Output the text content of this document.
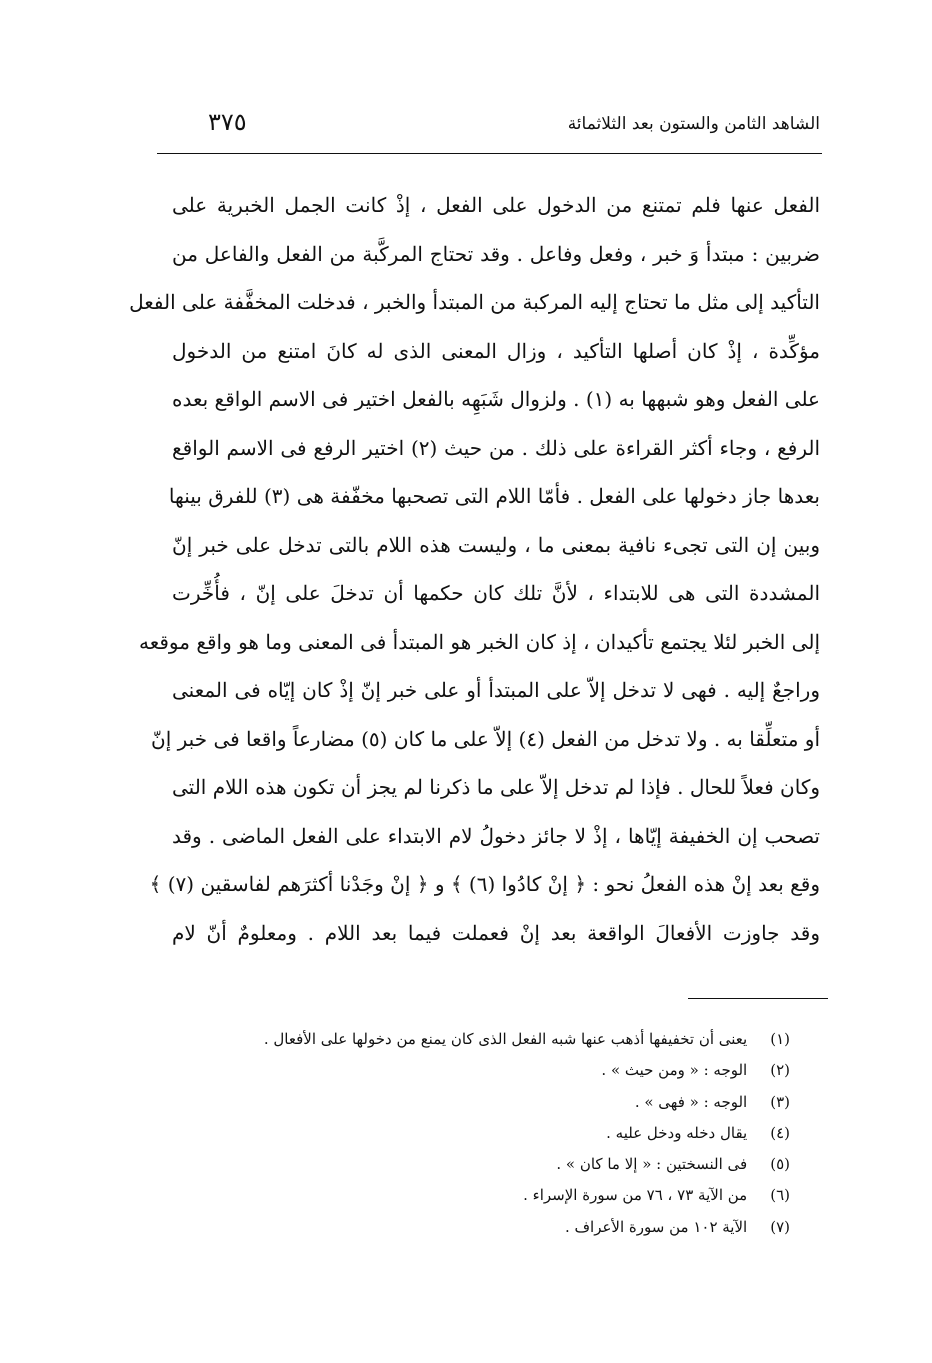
الشاهد الثامن والستون بعد الثلاثمائة
٣٧٥
الفعل عنها فلم تمتنع من الدخول على الفعل ، إذْ كانت الجمل الخبرية على
ضربين : مبتدأ وَ خبر ، وفعل وفاعل . وقد تحتاج المركَّبة من الفعل والفاعل من
التأكيد إلى مثل ما تحتاج إليه المركبة من المبتدأ والخبر ، فدخلت المخفَّفة على الفعل
مؤكِّدة ، إذْ كان أصلها التأكيد ، وزال المعنى الذى له كانَ امتنع من الدخول
على الفعل وهو شبهها به (١) . ولزوال شَبَهِه بالفعل اختير فى الاسم الواقع بعده
الرفع ، وجاء أكثر القراءة على ذلك . من حيث (٢) اختير الرفع فى الاسم الواقع
بعدها جاز دخولها على الفعل . فأمّا اللام التى تصحبها مخفّفة هى (٣) للفرق بينها
وبين إن التى تجىء نافية بمعنى ما ، وليست هذه اللام بالتى تدخل على خبر إنّ
المشددة التى هى للابتداء ، لأنَّ تلك كان حكمها أن تدخلَ على إنّ ، فأُخِّرت
إلى الخبر لئلا يجتمع تأكيدان ، إذ كان الخبر هو المبتدأ فى المعنى وما هو واقع موقعه
وراجعٌ إليه . فهى لا تدخل إلاّ على المبتدأ أو على خبر إنّ إذْ كان إيّاه فى المعنى
أو متعلِّقا به . ولا تدخل من الفعل (٤) إلاّ على ما كان (٥) مضارعاً واقعا فى خبر إنّ
وكان فعلاً للحال . فإذا لم تدخل إلاّ على ما ذكرنا لم يجز أن تكون هذه اللام التى
تصحب إن الخفيفة إيّاها ، إذْ لا جائز دخولُ لام الابتداء على الفعل الماضى . وقد
وقع بعد إنْ هذه الفعلُ نحو : ﴿ إنْ كادُوا (٦) ﴾ و ﴿ إنْ وجَدْنا أكثرَهم لفاسقين (٧) ﴾
وقد جاوزت الأفعالَ الواقعة بعد إنْ فعملت فيما بعد اللام . ومعلومٌ أنّ لام
(١) يعنى أن تخفيفها أذهب عنها شبه الفعل الذى كان يمنع من دخولها على الأفعال .
(٢) الوجه : « ومن حيث » .
(٣) الوجه : « فهى » .
(٤) يقال دخله ودخل عليه .
(٥) فى النسختين : « إلا ما كان » .
(٦) من الآية ٧٣ ، ٧٦ من سورة الإسراء .
(٧) الآية ١٠٢ من سورة الأعراف .
